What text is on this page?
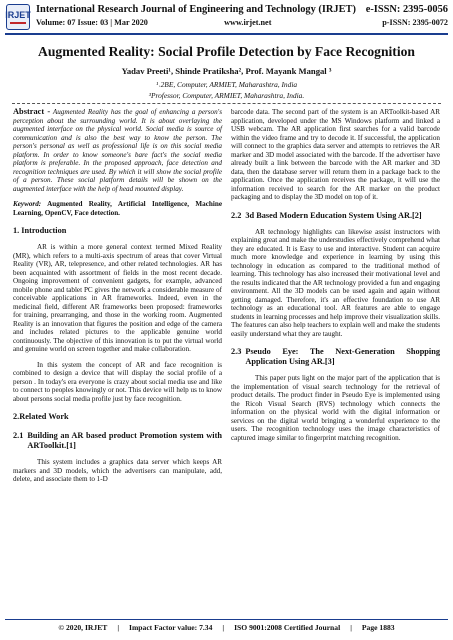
IRJET International Research Journal of Engineering and Technology (IRJET) e-ISSN: 2395-0056
Volume: 07 Issue: 03 | Mar 2020	www.irjet.net	p-ISSN: 2395-0072
Augmented Reality: Social Profile Detection by Face Recognition
Yadav Preeti¹, Shinde Pratiksha², Prof. Mayank Mangal ³
¹˒2BE, Computer, ARMIET, Maharashtra, India
³Professor, Computer, ARMIET, Maharashtra, India.

Abstract - Augmented Reality has the goal of enhancing a person's perception about the surrounding world. It is about overlaying the augmented interface on the physical world. Social media is source of communication and is also the best way to know the person. The person's personal as well as professional life is on this social media platform. In order to know someone's bare fact's the social media platform is preferable. In the proposed approach, face detection and recognition techniques are used. By which it will show the social profile of a person. These social platform details will be shown on the augmented interface with the help of head mounted display.

Keyword: Augmented Reality, Artificial Intelligence, Machine Learning, OpenCV, Face detection.

1. Introduction

AR is within a more general context termed Mixed Reality (MR), which refers to a multi-axis spectrum of areas that cover Virtual Reality (VR), AR, telepresence, and other related technologies. AR has been acquainted with assortment of fields in the most recent decade. Ongoing improvement of convenient gadgets, for example, advanced mobile phone and tablet PC gives the network a considerable measure of conceivable applications in AR frameworks. Indeed, even in the medicinal field, different AR frameworks been proposed: frameworks for training, prearranging, and those in the working room. Augmented Reality is an innovation that figures the position and edge of the camera and includes related pictures to the applicable genuine world continuously. The objective of this innovation is to put the virtual world and genuine world on screen together and make collaboration.

In this system the concept of AR and face recognition is combined to design a device that will display the social profile of a person . In today's era everyone is crazy about social media use and like to connect to peoples knowingly or not. This device will help us to know about persons social media profile just by face recognition.

2.Related Work
2.1 Building an AR based product Promotion system with ARToolkit.[1]

This system includes a graphics data server which keeps AR markers and 3D models, which the advertisers can manipulate, add, delete, and associate them to 1-D

barcode data. The second part of the system is an ARToolkit-based AR application, developed under the MS Windows platform and linked a USB webcam. The AR application first searches for a valid barcode within the video frame and try to decode it. If successful, the application will connect to the graphics data server and attempts to retrieves the AR marker and 3D model associated with the barcode. If the advertiser have already built a link between the barcode with the AR marker and 3D data, then the database server will return them in a package back to the application. Once the application receives the package, it will use the information received to search for the AR marker on the product packaging and to display the 3D model on top of it.

2.2 3d Based Modern Education System Using AR.[2]

AR technology highlights can likewise assist instructors with explaining great and make the understudies effectively comprehend what they are educated. It is Easy to use and interactive. Student can acquire much more knowledge and experience in learning by using this technology in education as compared to the traditional method of learning. This technology has also increased their motivational level and the results indicated that the AR technology provided a fun and engaging environment. All the 3D models can be used again and again without getting damaged. Therefore, it's an effective foundation to use AR technology as an educational tool. AR features are able to engage students in learning processes and help improve their visualization skills. The features can also help teachers to explain well and make the students easily understand what they are taught.

2.3 Pseudo Eye: The Next-Generation Shopping Application Using AR.[3]

This paper puts light on the major part of the application that is the implementation of visual search technology for the retrieval of product details. The product finder in Pseudo Eye is implemented using the Ricoh Visual Search (RVS) technology which connects the information on the physical world with the digital information or services on the digital world bringing a wonderful experience to the users. The recognition technology uses the image characteristics of captured image similar to fingerprint matching recognition.

© 2020, IRJET | Impact Factor value: 7.34 | ISO 9001:2008 Certified Journal | Page 1883
